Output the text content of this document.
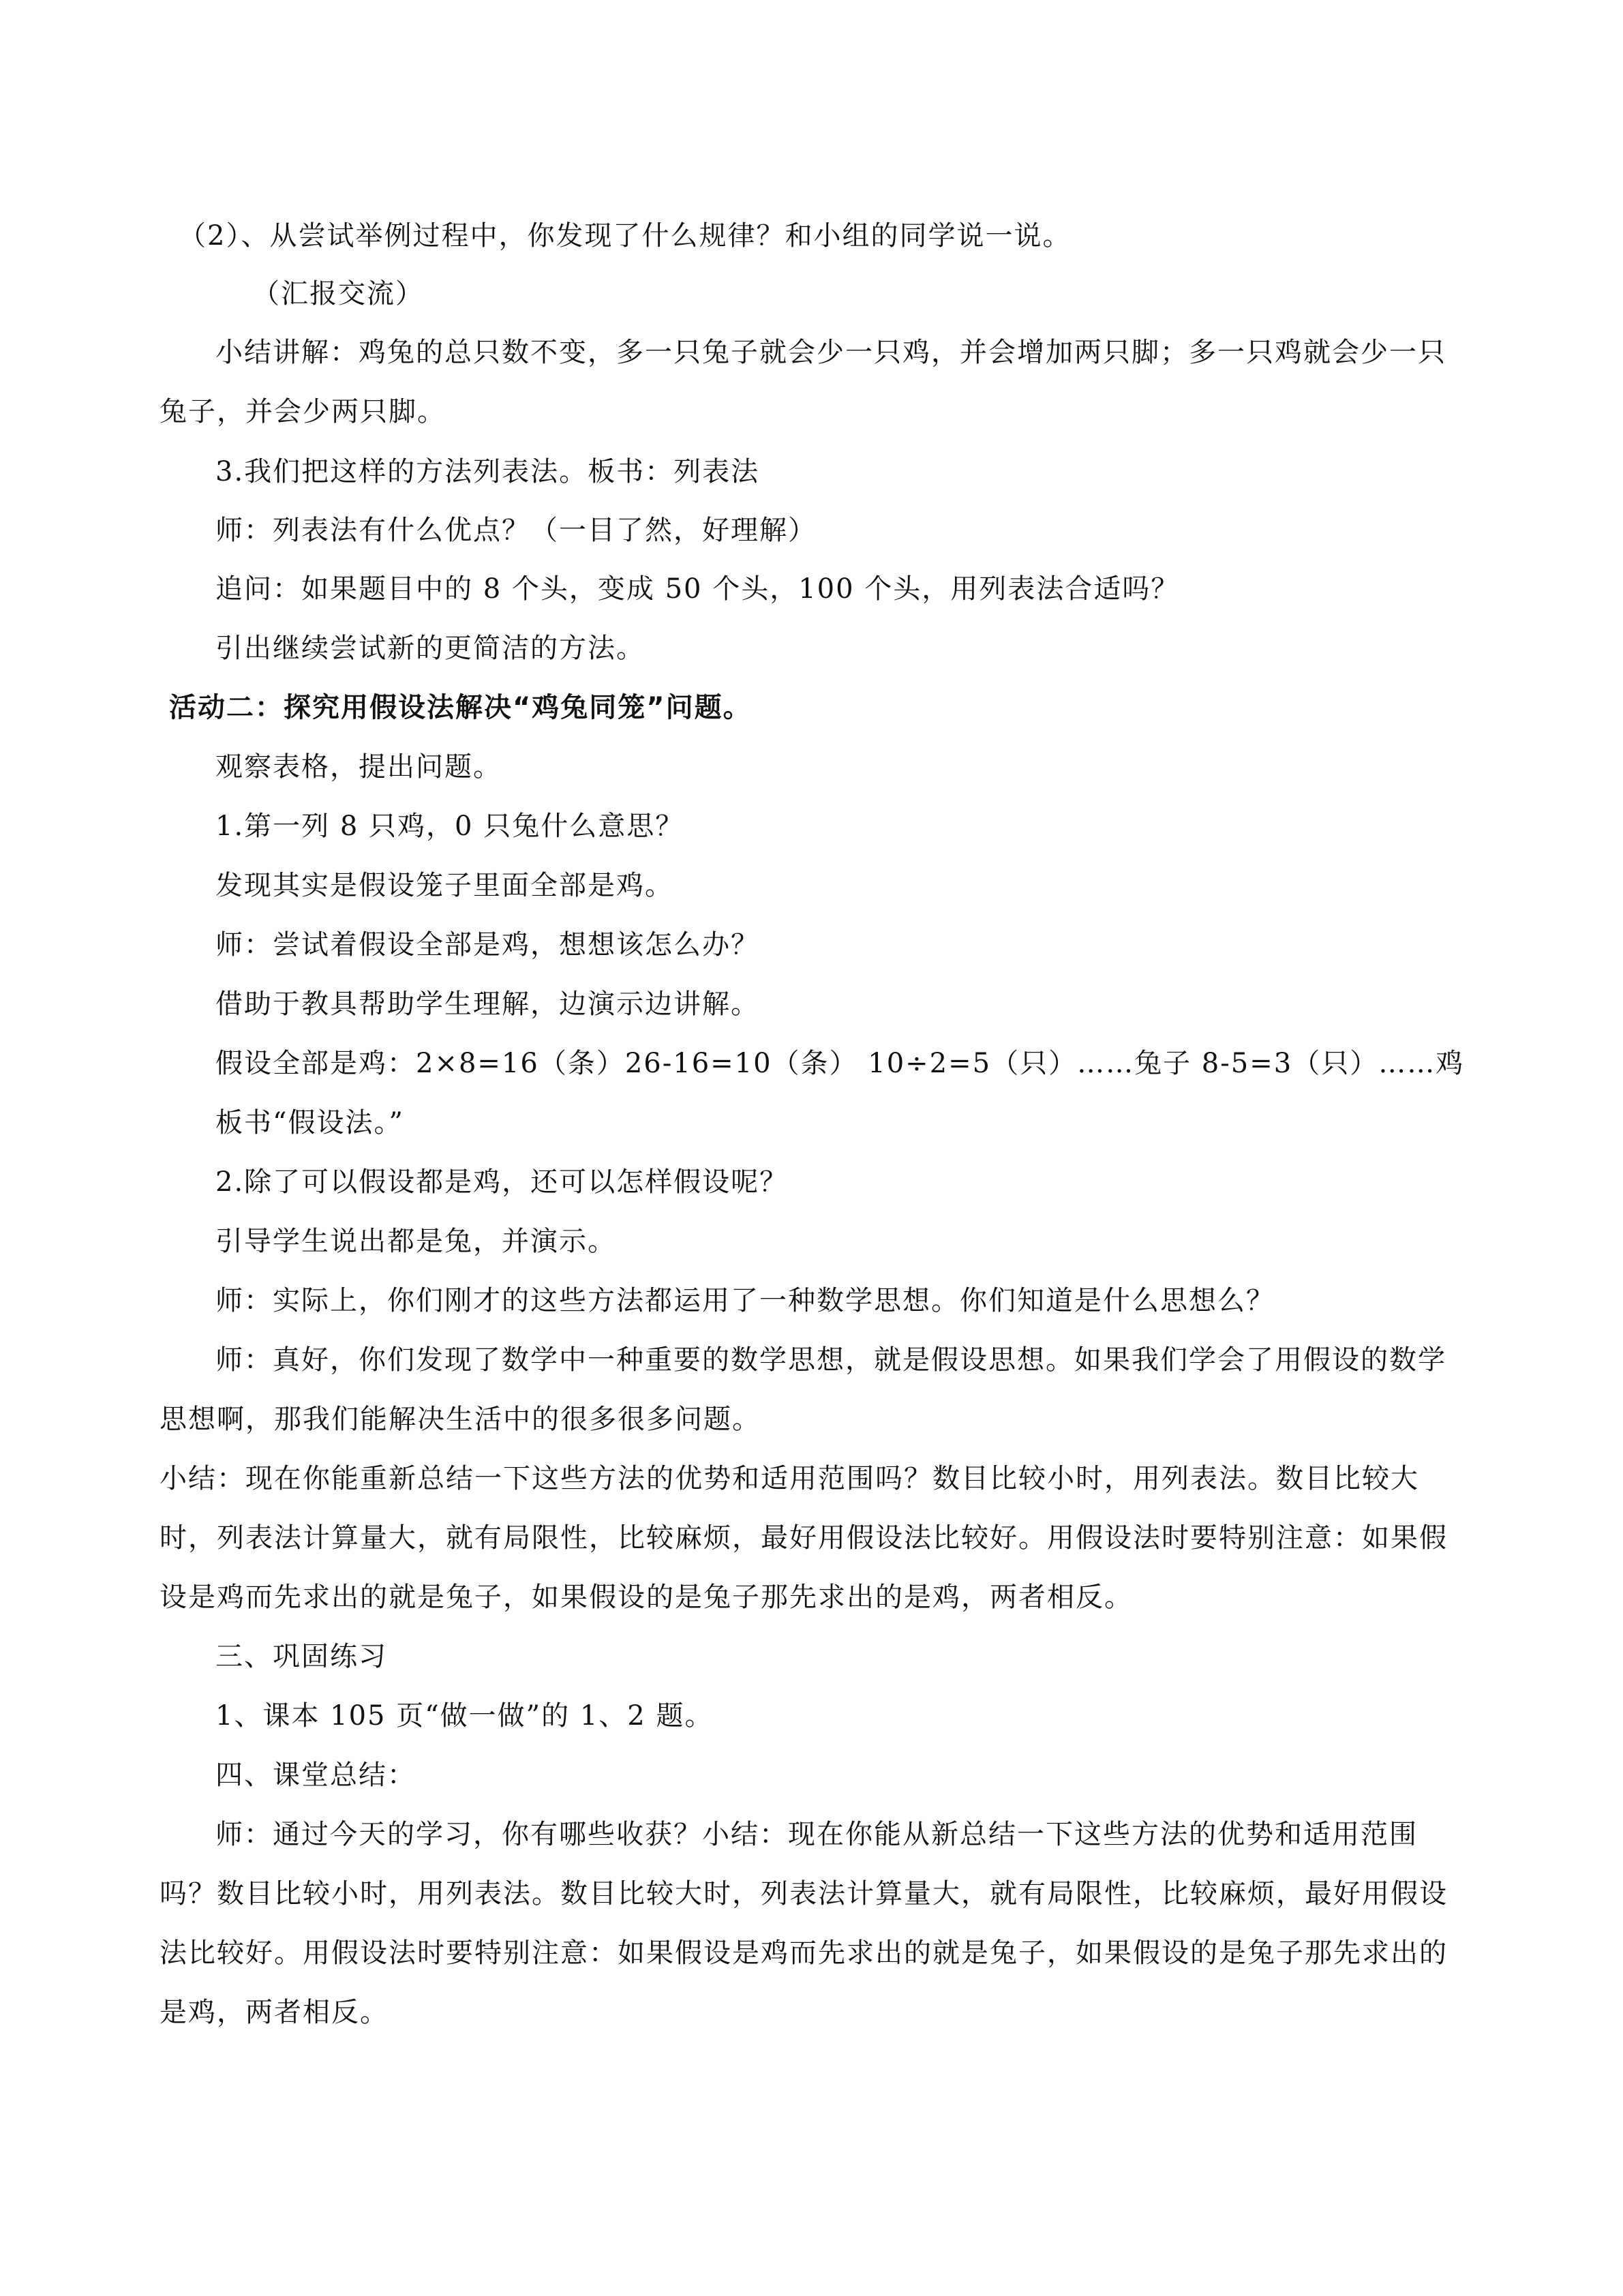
（2）、从尝试举例过程中，你发现了什么规律？和小组的同学说一说。
（汇报交流）
小结讲解：鸡兔的总只数不变，多一只兔子就会少一只鸡，并会增加两只脚；多一只鸡就会少一只
兔子，并会少两只脚。
3.我们把这样的方法列表法。板书：列表法
师：列表法有什么优点？（一目了然，好理解）
追问：如果题目中的 8 个头，变成 50 个头，100 个头，用列表法合适吗？
引出继续尝试新的更简洁的方法。
活动二：探究用假设法解决“鸡兔同笼”问题。
观察表格，提出问题。
1.第一列 8 只鸡，0 只兔什么意思？
发现其实是假设笼子里面全部是鸡。
师：尝试着假设全部是鸡，想想该怎么办？
借助于教具帮助学生理解，边演示边讲解。
假设全部是鸡：2×8=16（条）26-16=10（条） 10÷2=5（只）……兔子 8-5=3（只）……鸡
板书“假设法。”
2.除了可以假设都是鸡，还可以怎样假设呢？
引导学生说出都是兔，并演示。
师：实际上，你们刚才的这些方法都运用了一种数学思想。你们知道是什么思想么？
师：真好，你们发现了数学中一种重要的数学思想，就是假设思想。如果我们学会了用假设的数学
思想啊，那我们能解决生活中的很多很多问题。
小结：现在你能重新总结一下这些方法的优势和适用范围吗？数目比较小时，用列表法。数目比较大
时，列表法计算量大，就有局限性，比较麻烦，最好用假设法比较好。用假设法时要特别注意：如果假
设是鸡而先求出的就是兔子，如果假设的是兔子那先求出的是鸡，两者相反。
三、巩固练习
1、课本 105 页“做一做”的 1、2 题。
四、课堂总结：
师：通过今天的学习，你有哪些收获？小结：现在你能从新总结一下这些方法的优势和适用范围
吗？数目比较小时，用列表法。数目比较大时，列表法计算量大，就有局限性，比较麻烦，最好用假设
法比较好。用假设法时要特别注意：如果假设是鸡而先求出的就是兔子，如果假设的是兔子那先求出的
是鸡，两者相反。
